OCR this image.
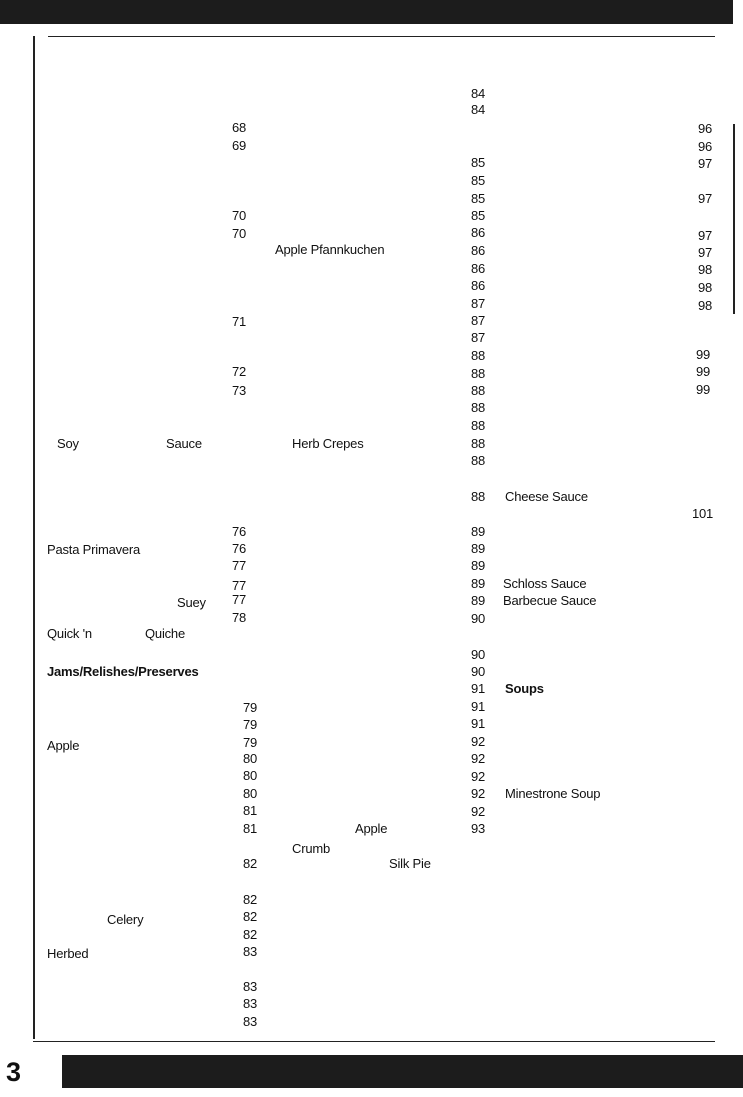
Soy	Sauce
Pasta Primavera
Suey
Quick 'n	Quiche
Jams/Relishes/Preserves
Apple
Celery
Herbed
68
69
70
70
71
72
73
76
76
77
77
77
78
79
79
79
80
80
80
81
81
82
82
82
82
83
83
83
83
Apple Pfannkuchen
Herb Crepes
Apple
Crumb
Silk Pie
84
84
85
85
85
85
86
86
86
86
87
87
87
88
88
88
88
88
88
88
88
89
89
89
89
89
90
90
90
91
91
91
92
92
92
92
92
93
Cheese Sauce
Schloss Sauce
Barbecue Sauce
Soups
Minestrone Soup
96
96
97
97
97
97
98
98
98
99
99
99
101
3
